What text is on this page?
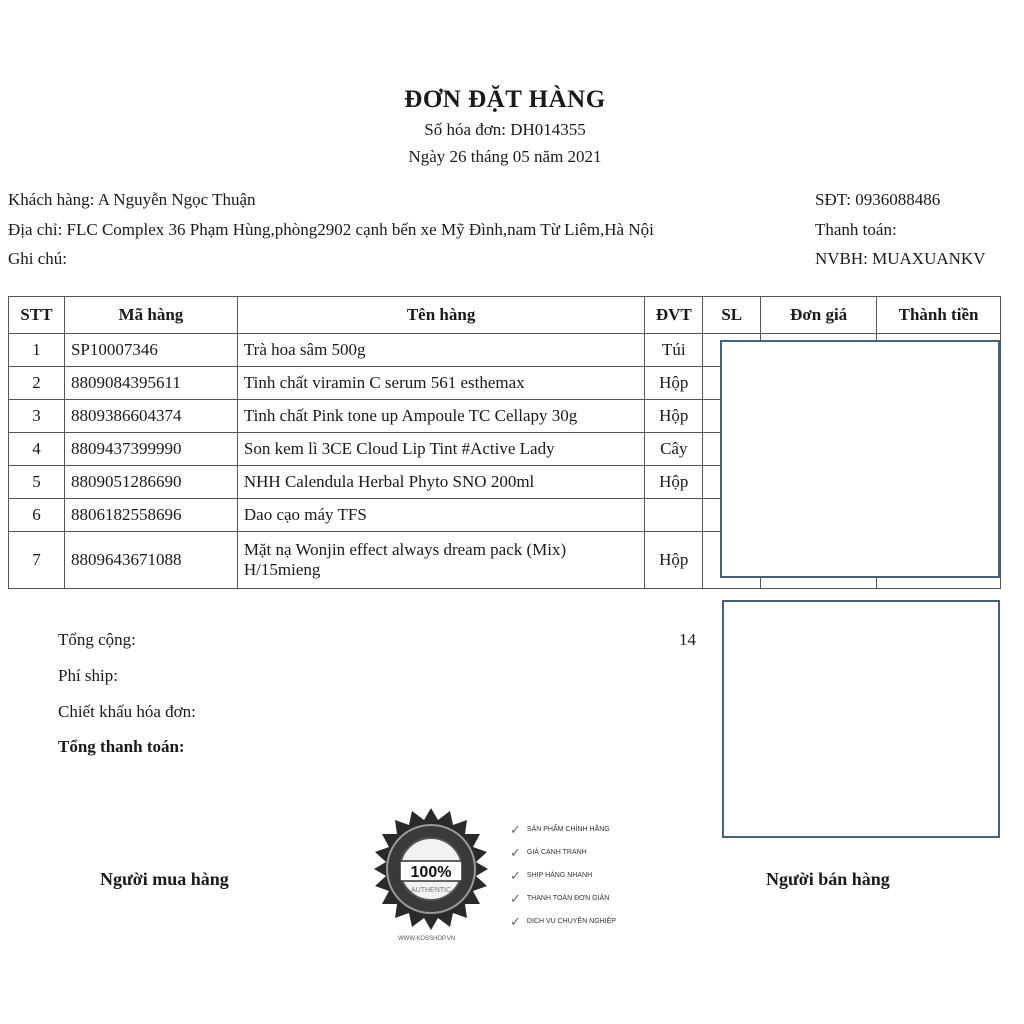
ĐƠN ĐẶT HÀNG
Số hóa đơn: DH014355
Ngày 26 tháng 05 năm 2021
Khách hàng: A Nguyễn Ngọc Thuận
Địa chỉ: FLC Complex 36 Phạm Hùng,phòng2902 cạnh bến xe Mỹ Đình,nam Từ Liêm,Hà Nội
Ghi chú:
SĐT: 0936088486
Thanh toán:
NVBH: MUAXUANKV
STT	Mã hàng	Tên hàng	ĐVT	SL	Đơn giá	Thành tiền
1	SP10007346	Trà hoa sâm 500g	Túi			
2	8809084395611	Tinh chất viramin C serum 561 esthemax	Hộp			
3	8809386604374	Tinh chất Pink tone up Ampoule TC Cellapy 30g	Hộp			
4	8809437399990	Son kem lì 3CE Cloud Lip Tint #Active Lady	Cây			
5	8809051286690	NHH Calendula Herbal Phyto SNO 200ml	Hộp			
6	8806182558696	Dao cạo máy TFS				
7	8809643671088	Mặt nạ Wonjin effect always dream pack (Mix) H/15mieng	Hộp			
Tổng cộng:	14
Phí ship:
Chiết khấu hóa đơn:
Tổng thanh toán:
Người mua hàng	Người bán hàng
100%
AUTHENTIC
✓ SẢN PHẨM CHÍNH HÃNG
✓ GIÁ CẠNH TRANH
✓ SHIP HÀNG NHANH
✓ THANH TOÁN ĐƠN GIẢN
✓ DỊCH VỤ CHUYÊN NGHIỆP
WWW.KOSSHOP.VN
